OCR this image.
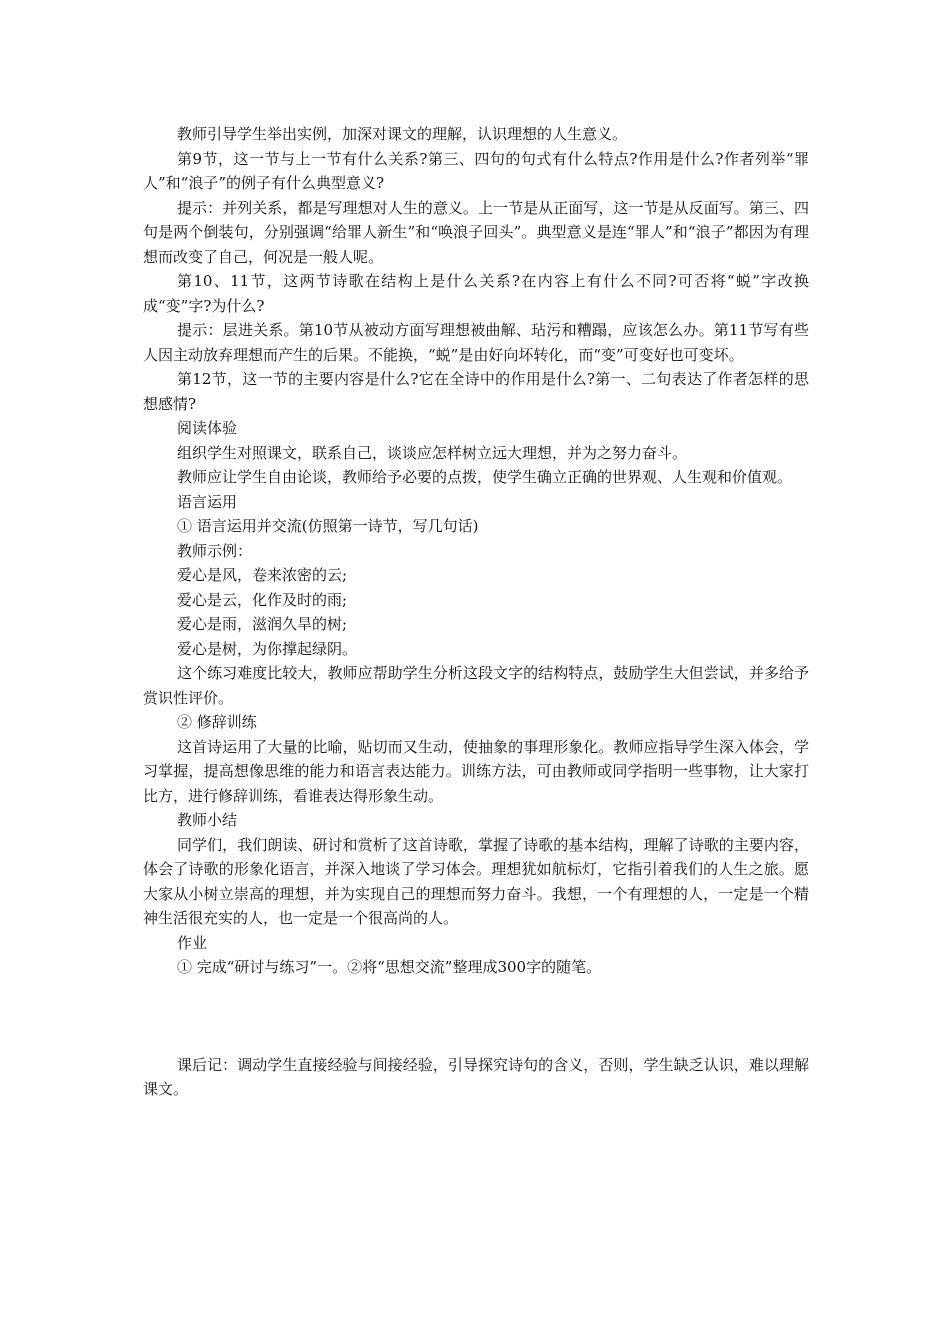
教师引导学生举出实例，加深对课文的理解，认识理想的人生意义。

第9节，这一节与上一节有什么关系?第三、四句的句式有什么特点?作用是什么?作者列举“罪人”和“浪子”的例子有什么典型意义?

提示：并列关系，都是写理想对人生的意义。上一节是从正面写，这一节是从反面写。第三、四句是两个倒装句，分别强调“给罪人新生”和“唤浪子回头”。典型意义是连“罪人”和“浪子”都因为有理想而改变了自己，何况是一般人呢。

第10、11节，这两节诗歌在结构上是什么关系?在内容上有什么不同?可否将“蜕”字改换成“变”字?为什么?

提示：层进关系。第10节从被动方面写理想被曲解、玷污和糟蹋，应该怎么办。第11节写有些人因主动放弃理想而产生的后果。不能换，“蜕”是由好向坏转化，而“变”可变好也可变坏。

第12节，这一节的主要内容是什么?它在全诗中的作用是什么?第一、二句表达了作者怎样的思想感情?

阅读体验

组织学生对照课文，联系自己，谈谈应怎样树立远大理想，并为之努力奋斗。

教师应让学生自由论谈，教师给予必要的点拨，使学生确立正确的世界观、人生观和价值观。

语言运用

① 语言运用并交流(仿照第一诗节，写几句话)

教师示例：

爱心是风，卷来浓密的云;

爱心是云，化作及时的雨;

爱心是雨，滋润久旱的树;

爱心是树，为你撑起绿阴。

这个练习难度比较大，教师应帮助学生分析这段文字的结构特点，鼓励学生大但尝试，并多给予赏识性评价。

② 修辞训练

这首诗运用了大量的比喻，贴切而又生动，使抽象的事理形象化。教师应指导学生深入体会，学习掌握，提高想像思维的能力和语言表达能力。训练方法，可由教师或同学指明一些事物，让大家打比方，进行修辞训练，看谁表达得形象生动。

教师小结

同学们，我们朗读、研讨和赏析了这首诗歌，掌握了诗歌的基本结构，理解了诗歌的主要内容，体会了诗歌的形象化语言，并深入地谈了学习体会。理想犹如航标灯，它指引着我们的人生之旅。愿大家从小树立崇高的理想，并为实现自己的理想而努力奋斗。我想，一个有理想的人，一定是一个精神生活很充实的人，也一定是一个很高尚的人。

作业

① 完成“研讨与练习”一。②将“思想交流”整理成300字的随笔。

课后记：调动学生直接经验与间接经验，引导探究诗句的含义，否则，学生缺乏认识，难以理解课文。
